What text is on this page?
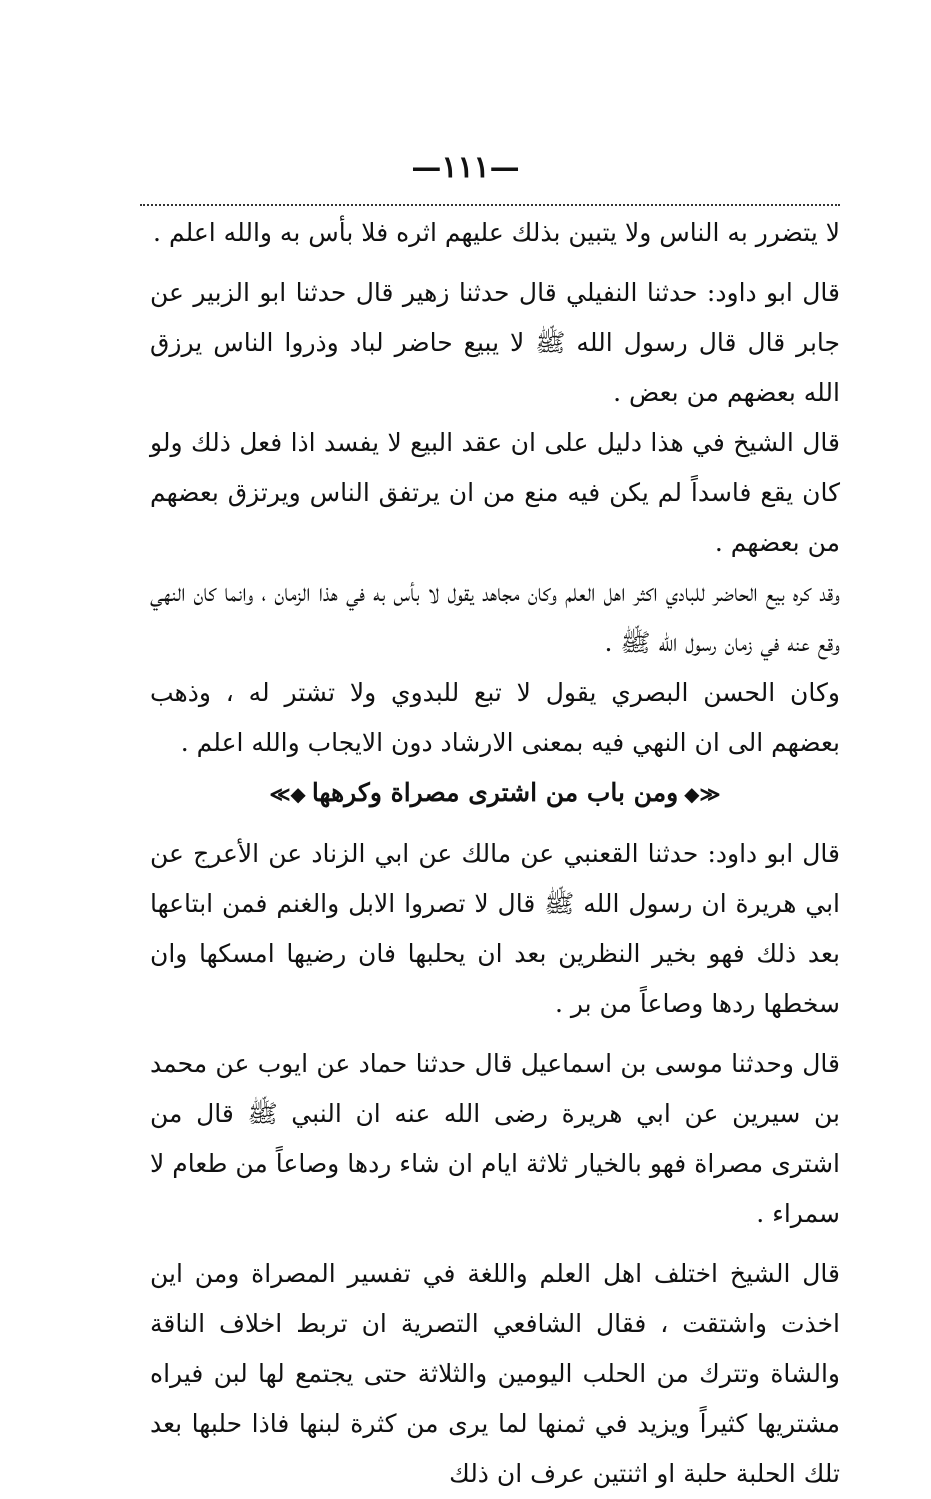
—١١١—

لا يتضرر به الناس ولا يتبين بذلك عليهم اثره فلا بأس به والله اعلم .

قال ابو داود: حدثنا النفيلي قال حدثنا زهير قال حدثنا ابو الزبير عن جابر قال قال رسول الله ﷺ لا يبيع حاضر لباد وذروا الناس يرزق الله بعضهم من بعض .

قال الشيخ في هذا دليل على ان عقد البيع لا يفسد اذا فعل ذلك ولو كان يقع فاسداً لم يكن فيه منع من ان يرتفق الناس ويرتزق بعضهم من بعضهم .

وقد كره بيع الحاضر للبادي اكثر اهل العلم وكان مجاهد يقول لا بأس به في هذا الزمان ، وانما كان النهي وقع عنه في زمان رسول الله ﷺ .

وكان الحسن البصري يقول لا تبع للبدوي ولا تشتر له ، وذهب بعضهم الى ان النهي فيه بمعنى الارشاد دون الايجاب والله اعلم .

≪◆ومن باب من اشترى مصراة وكرهها◆≫

قال ابو داود: حدثنا القعنبي عن مالك عن ابي الزناد عن الأعرج عن ابي هريرة ان رسول الله ﷺ قال لا تصروا الابل والغنم فمن ابتاعها بعد ذلك فهو بخير النظرين بعد ان يحلبها فان رضيها امسكها وان سخطها ردها وصاعاً من بر .

قال وحدثنا موسى بن اسماعيل قال حدثنا حماد عن ايوب عن محمد بن سيرين عن ابي هريرة رضى الله عنه ان النبي ﷺ قال من اشترى مصراة فهو بالخيار ثلاثة ايام ان شاء ردها وصاعاً من طعام لا سمراء .

قال الشيخ اختلف اهل العلم واللغة في تفسير المصراة ومن اين اخذت واشتقت ، فقال الشافعي التصرية ان تربط اخلاف الناقة والشاة وتترك من الحلب اليومين والثلاثة حتى يجتمع لها لبن فيراه مشتريها كثيراً ويزيد في ثمنها لما يرى من كثرة لبنها فاذا حلبها بعد تلك الحلبة حلبة او اثنتين عرف ان ذلك
